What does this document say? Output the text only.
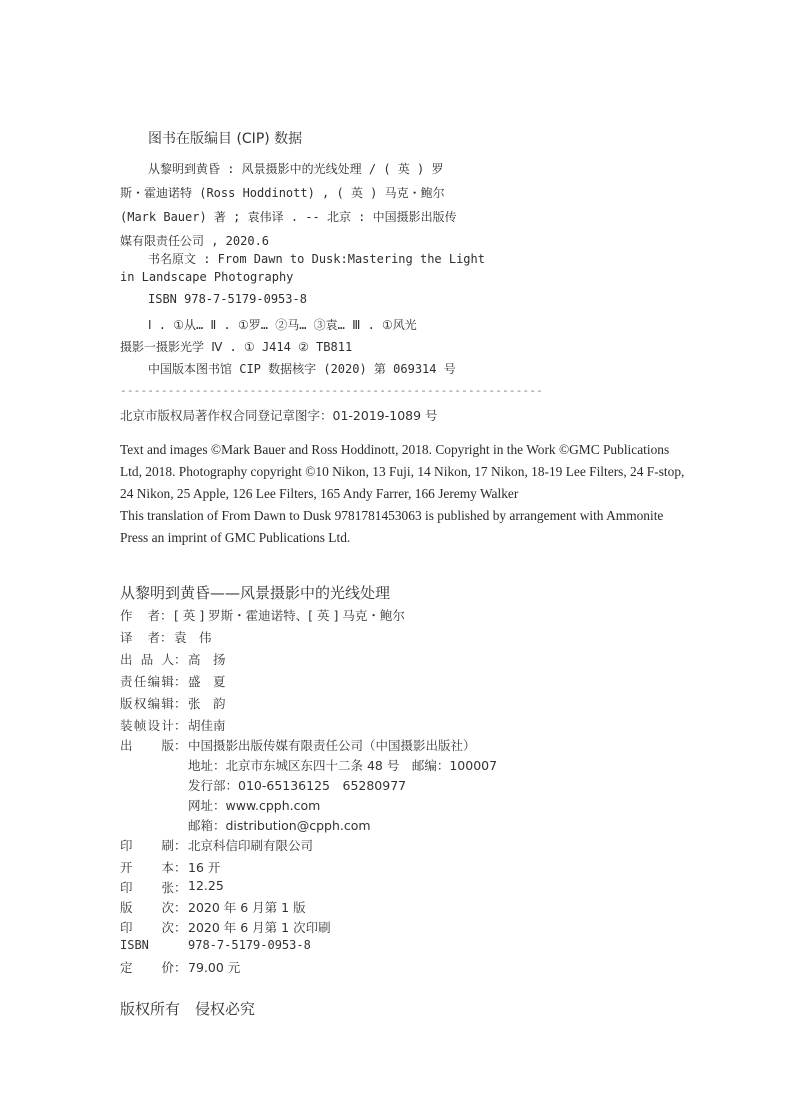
图书在版编目 (CIP) 数据

从黎明到黄昏 : 风景摄影中的光线处理 / ( 英 ) 罗

斯・霍迪诺特 (Ross Hoddinott) , ( 英 ) 马克・鲍尔

(Mark Bauer) 著 ; 袁伟译 . -- 北京 : 中国摄影出版传

媒有限责任公司 , 2020.6

书名原文 : From Dawn to Dusk:Mastering the Light

in Landscape Photography

ISBN 978-7-5179-0953-8

Ⅰ . ①从… Ⅱ . ①罗… ②马… ③袁… Ⅲ . ①风光

摄影一摄影光学 Ⅳ . ① J414 ② TB811

中国版本图书馆 CIP 数据核字 (2020) 第 069314 号

--------------------------------------------------------------

北京市版权局著作权合同登记章图字：01-2019-1089 号

Text and images ©Mark Bauer and Ross Hoddinott, 2018. Copyright in the Work ©GMC Publications

Ltd, 2018. Photography copyright ©10 Nikon, 13 Fuji, 14 Nikon, 17 Nikon, 18-19 Lee Filters, 24 F-stop,

24 Nikon, 25 Apple, 126 Lee Filters, 165 Andy Farrer, 166 Jeremy Walker

This translation of From Dawn to Dusk 9781781453063 is published by arrangement with Ammonite

Press an imprint of GMC Publications Ltd.

从黎明到黄昏——风景摄影中的光线处理

作者 ： [ 英 ] 罗斯・霍迪诺特、[ 英 ] 马克・鲍尔
译者 ： 袁　伟
出品人 ： 高　扬
责任编辑 ： 盛　夏
版权编辑 ： 张　韵
装帧设计 ： 胡佳南
出版 ： 中国摄影出版传媒有限责任公司（中国摄影出版社）

地址：北京市东城区东四十二条 48 号　邮编：100007

发行部：010-65136125　65280977

网址：www.cpph.com

邮箱：distribution@cpph.com

印刷 ： 北京科信印刷有限公司
开本 ： 16 开
印张 ： 12.25
版次 ： 2020 年 6 月第 1 版
印次 ： 2020 年 6 月第 1 次印刷
ISBN	978-7-5179-0953-8
定价 ： 79.00 元

版权所有　侵权必究
